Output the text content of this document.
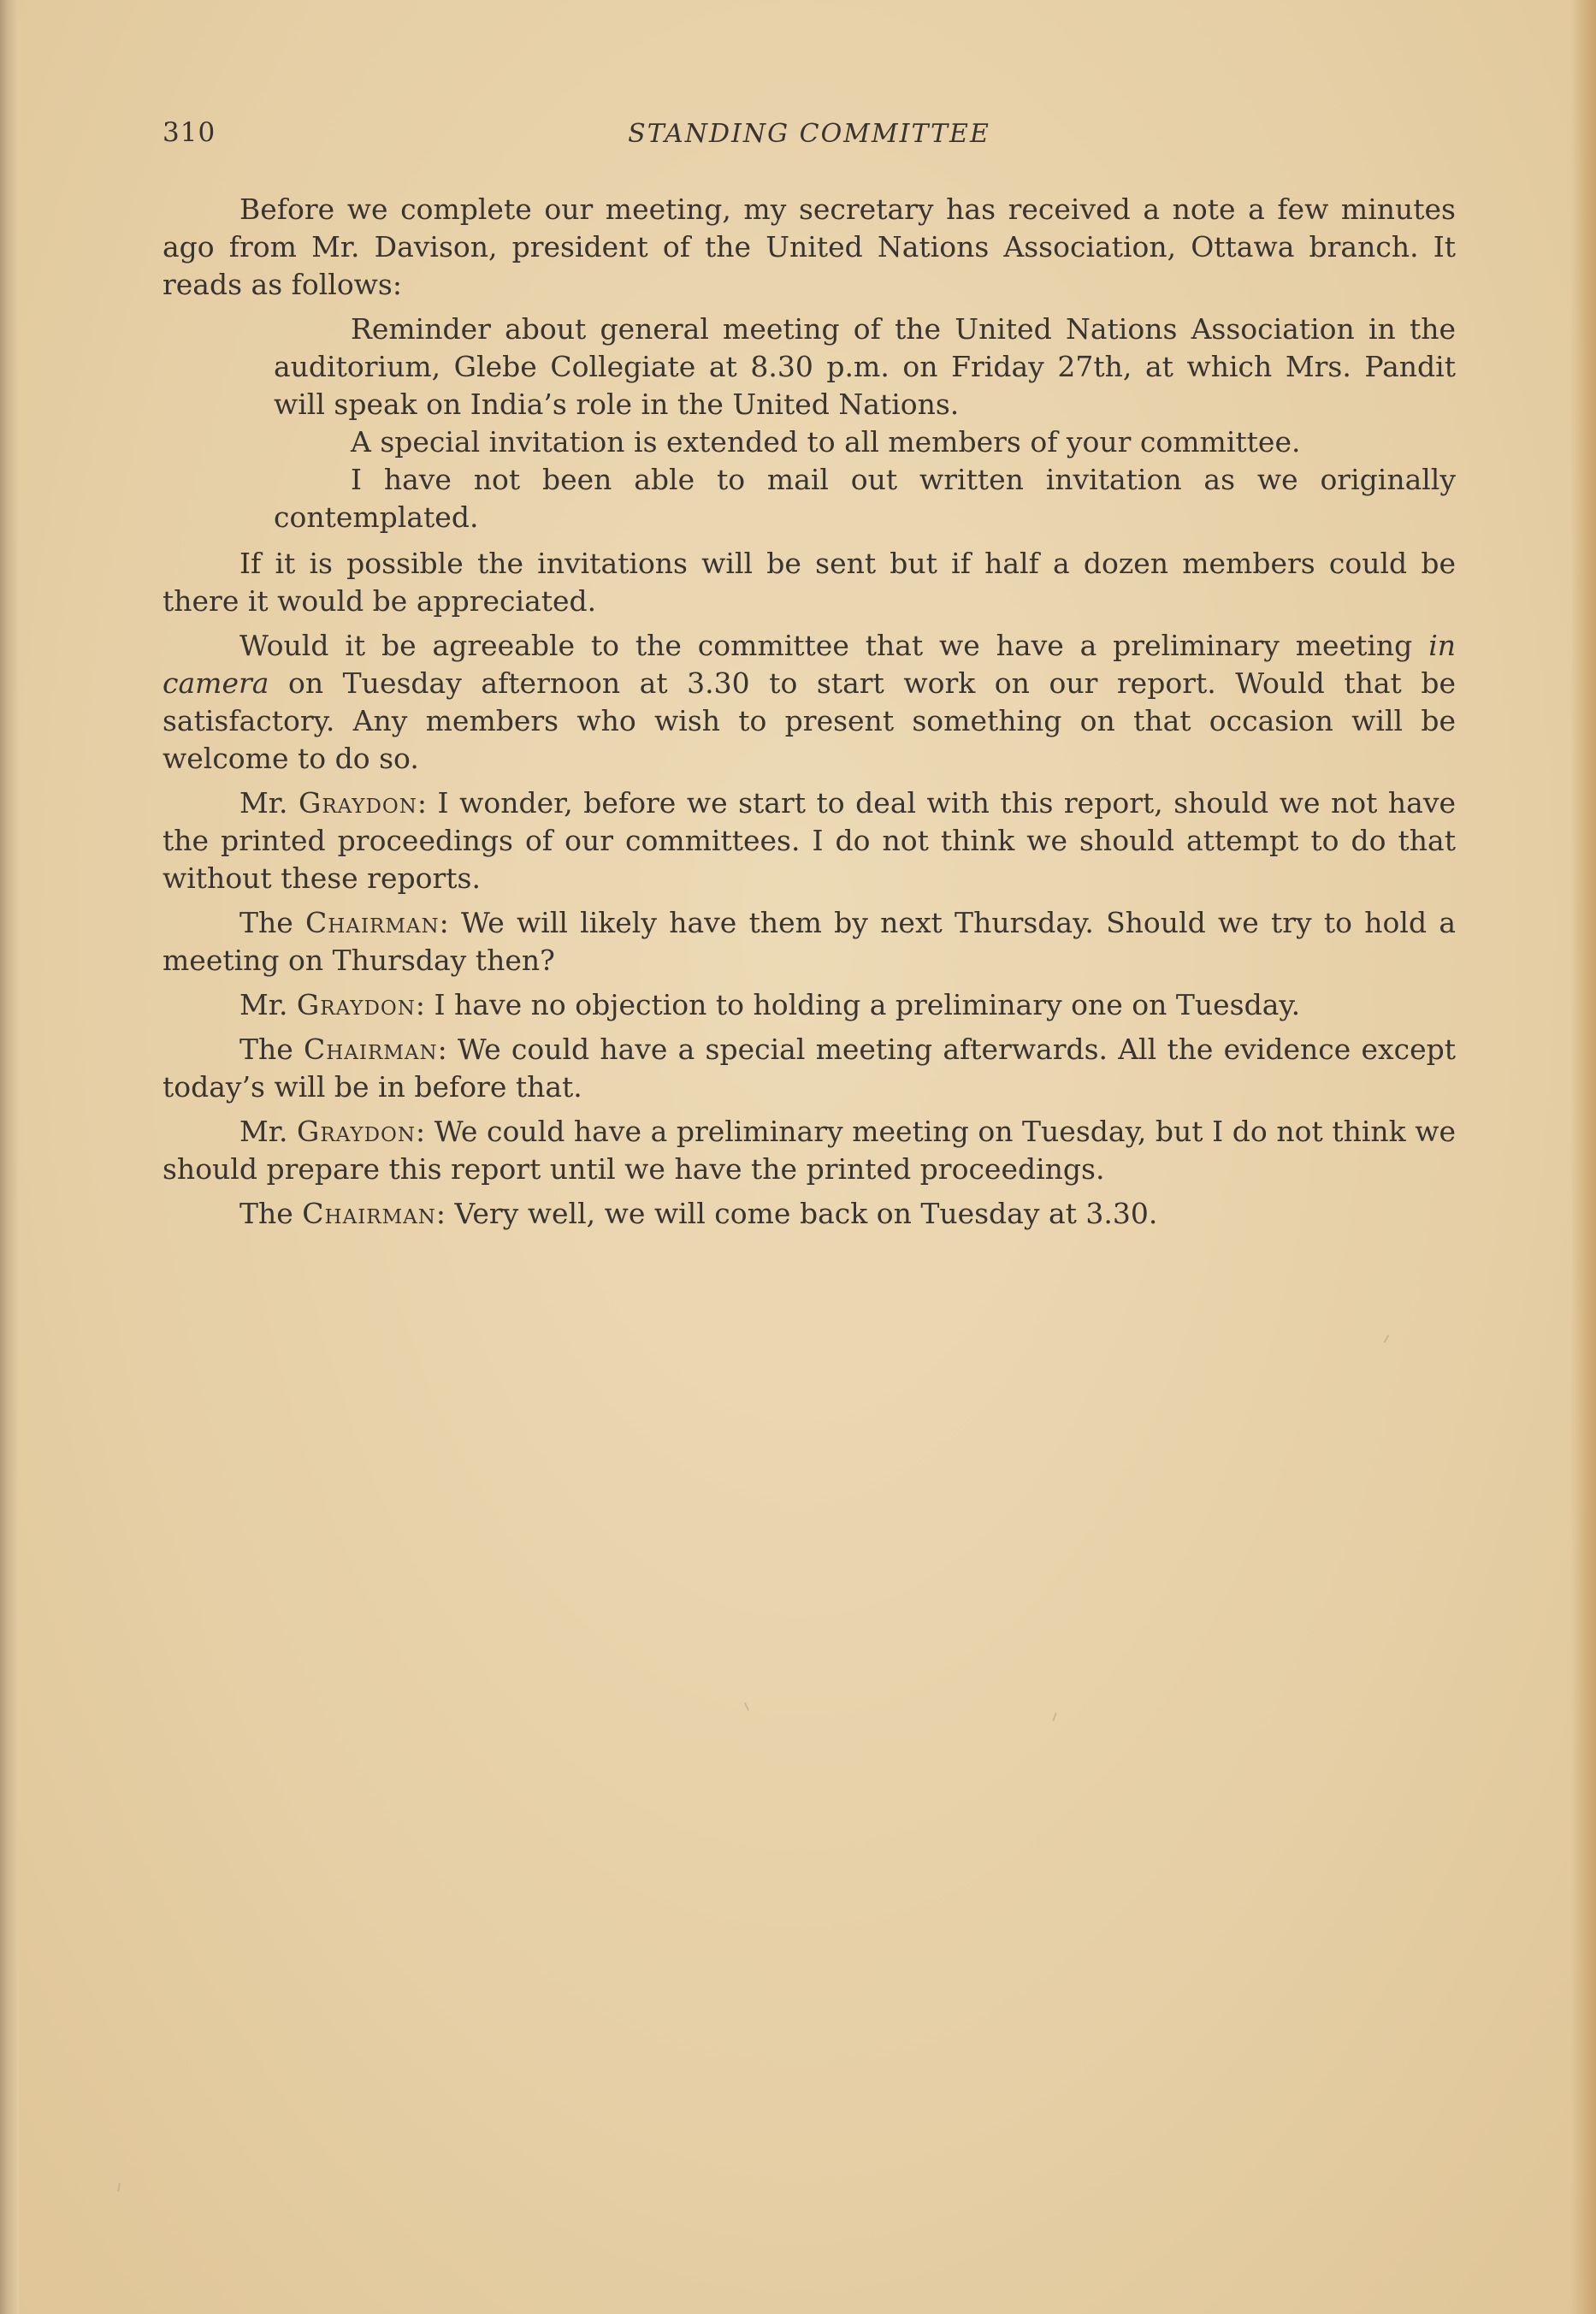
310	STANDING COMMITTEE

Before we complete our meeting, my secretary has received a note a few minutes ago from Mr. Davison, president of the United Nations Association, Ottawa branch. It reads as follows:

Reminder about general meeting of the United Nations Association in the auditorium, Glebe Collegiate at 8.30 p.m. on Friday 27th, at which Mrs. Pandit will speak on India’s role in the United Nations.

A special invitation is extended to all members of your committee.

I have not been able to mail out written invitation as we originally contemplated.

If it is possible the invitations will be sent but if half a dozen members could be there it would be appreciated.

Would it be agreeable to the committee that we have a preliminary meeting in camera on Tuesday afternoon at 3.30 to start work on our report. Would that be satisfactory. Any members who wish to present something on that occasion will be welcome to do so.

Mr. Graydon: I wonder, before we start to deal with this report, should we not have the printed proceedings of our committees. I do not think we should attempt to do that without these reports.

The Chairman: We will likely have them by next Thursday. Should we try to hold a meeting on Thursday then?

Mr. Graydon: I have no objection to holding a preliminary one on Tuesday.

The Chairman: We could have a special meeting afterwards. All the evidence except today’s will be in before that.

Mr. Graydon: We could have a preliminary meeting on Tuesday, but I do not think we should prepare this report until we have the printed proceedings.

The Chairman: Very well, we will come back on Tuesday at 3.30.
